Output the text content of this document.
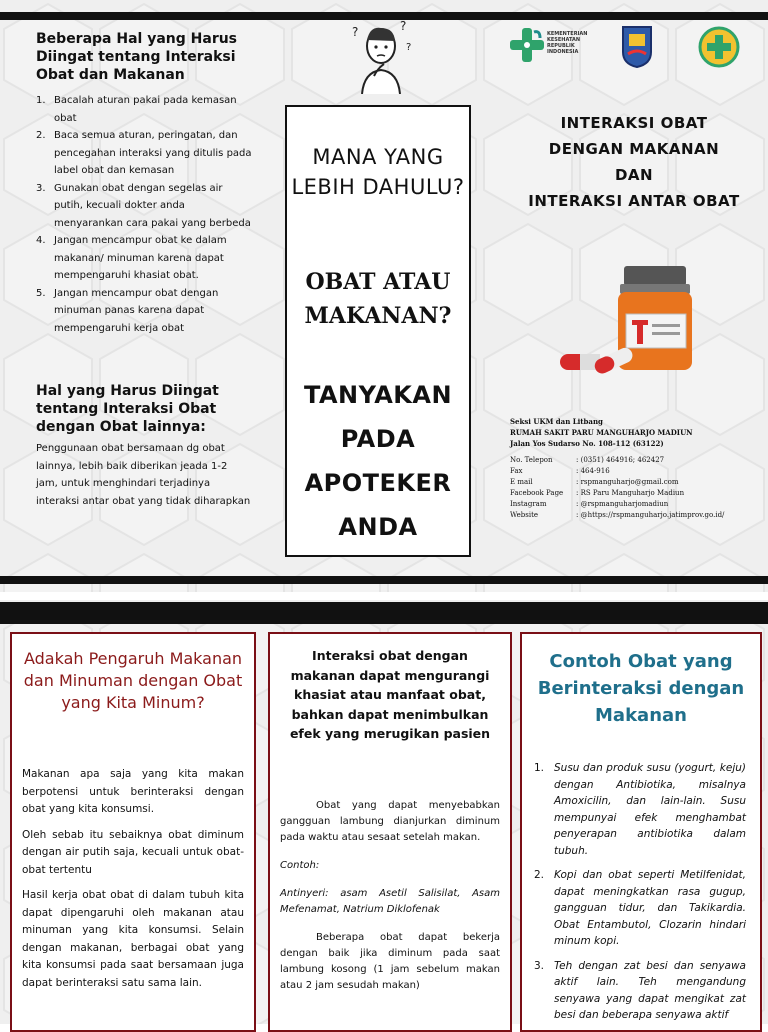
Beberapa Hal yang Harus Diingat tentang Interaksi Obat dan Makanan
1. Bacalah aturan pakai pada kemasan obat
2. Baca semua aturan, peringatan, dan pencegahan interaksi yang ditulis pada label obat dan kemasan
3. Gunakan obat dengan segelas air putih, kecuali dokter anda menyarankan cara pakai yang berbeda
4. Jangan mencampur obat ke dalam makanan/ minuman karena dapat mempengaruhi khasiat obat.
5. Jangan mencampur obat dengan minuman panas karena dapat mempengaruhi kerja obat
Hal yang Harus Diingat tentang Interaksi Obat dengan Obat lainnya:
Penggunaan obat bersamaan dg obat lainnya, lebih baik diberikan jeada 1-2 jam, untuk menghindari terjadinya interaksi antar obat yang tidak diharapkan
?	?
?
MANA YANG LEBIH DAHULU?
OBAT ATAU MAKANAN?
TANYAKAN PADA APOTEKER ANDA
KEMENTERIAN KESEHATAN REPUBLIK INDONESIA
INTERAKSI OBAT
DENGAN MAKANAN
DAN
INTERAKSI ANTAR OBAT
Seksi UKM dan Litbang
RUMAH SAKIT PARU MANGUHARJO MADIUN
Jalan Yos Sudarso No. 108-112 (63122)
No. Telepon	: (0351) 464916; 462427
Fax	: 464-916
E mail	: rspmanguharjo@gmail.com
Facebook Page	: RS Paru Manguharjo Madiun
Instagram	: @rspmanguharjomadiun
Website	: @https://rspmanguharjo.jatimprov.go.id/
Adakah Pengaruh Makanan dan Minuman dengan Obat yang Kita Minum?

Makanan apa saja yang kita makan berpotensi untuk berinteraksi dengan obat yang kita konsumsi.

Oleh sebab itu sebaiknya obat diminum dengan air putih saja, kecuali untuk obat-obat tertentu

Hasil kerja obat obat di dalam tubuh kita dapat dipengaruhi oleh makanan atau minuman yang kita konsumsi. Selain dengan makanan, berbagai obat yang kita konsumsi pada saat bersamaan juga dapat berinteraksi satu sama lain.

Interaksi obat dengan makanan dapat mengurangi khasiat atau manfaat obat, bahkan dapat menimbulkan efek yang merugikan pasien

Obat yang dapat menyebabkan gangguan lambung dianjurkan diminum pada waktu atau sesaat setelah makan.

Contoh:

Antinyeri: asam Asetil Salisilat, Asam Mefenamat, Natrium Diklofenak

Beberapa obat dapat bekerja dengan baik jika diminum pada saat lambung kosong (1 jam sebelum makan atau 2 jam sesudah makan)

Contoh Obat yang Berinteraksi dengan Makanan
1. Susu dan produk susu (yogurt, keju) dengan Antibiotika, misalnya Amoxicilin, dan lain-lain. Susu mempunyai efek menghambat penyerapan antibiotika dalam tubuh.
2. Kopi dan obat seperti Metilfenidat, dapat meningkatkan rasa gugup, gangguan tidur, dan Takikardia. Obat Entambutol, Clozarin hindari minum kopi.
3. Teh dengan zat besi dan senyawa aktif lain. Teh mengandung senyawa yang dapat mengikat zat besi dan beberapa senyawa aktif
